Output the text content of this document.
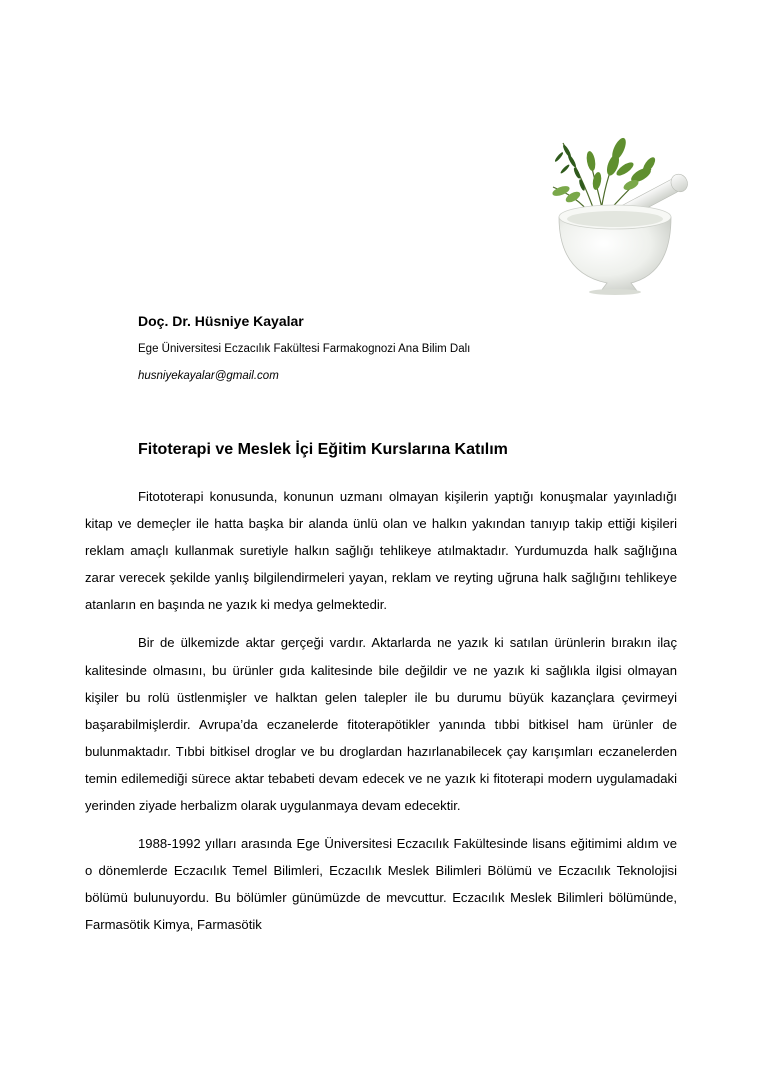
Doç. Dr. Hüsniye Kayalar

Ege Üniversitesi Eczacılık Fakültesi Farmakognozi Ana Bilim Dalı

husniyekayalar@gmail.com

Fitoterapi ve Meslek İçi Eğitim Kurslarına Katılım

Fitototerapi konusunda, konunun uzmanı olmayan kişilerin yaptığı konuşmalar yayınladığı kitap ve demeçler ile hatta başka bir alanda ünlü olan ve halkın yakından tanıyıp takip ettiği kişileri reklam amaçlı kullanmak suretiyle halkın sağlığı tehlikeye atılmaktadır. Yurdumuzda halk sağlığına zarar verecek şekilde yanlış bilgilendirmeleri yayan, reklam ve reyting uğruna halk sağlığını tehlikeye atanların en başında ne yazık ki medya gelmektedir.

Bir de ülkemizde aktar gerçeği vardır. Aktarlarda ne yazık ki satılan ürünlerin bırakın ilaç kalitesinde olmasını, bu ürünler gıda kalitesinde bile değildir ve ne yazık ki sağlıkla ilgisi olmayan kişiler bu rolü üstlenmişler ve halktan gelen talepler ile bu durumu büyük kazançlara çevirmeyi başarabilmişlerdir. Avrupa’da eczanelerde fitoterapötikler yanında tıbbi bitkisel ham ürünler de bulunmaktadır. Tıbbi bitkisel droglar ve bu droglardan hazırlanabilecek çay karışımları eczanelerden temin edilemediği sürece aktar tebabeti devam edecek ve ne yazık ki fitoterapi modern uygulamadaki yerinden ziyade herbalizm olarak uygulanmaya devam edecektir.

1988-1992 yılları arasında Ege Üniversitesi Eczacılık Fakültesinde lisans eğitimimi aldım ve o dönemlerde Eczacılık Temel Bilimleri, Eczacılık Meslek Bilimleri Bölümü ve Eczacılık Teknolojisi bölümü bulunuyordu. Bu bölümler günümüzde de mevcuttur. Eczacılık Meslek Bilimleri bölümünde, Farmasötik Kimya, Farmasötik
